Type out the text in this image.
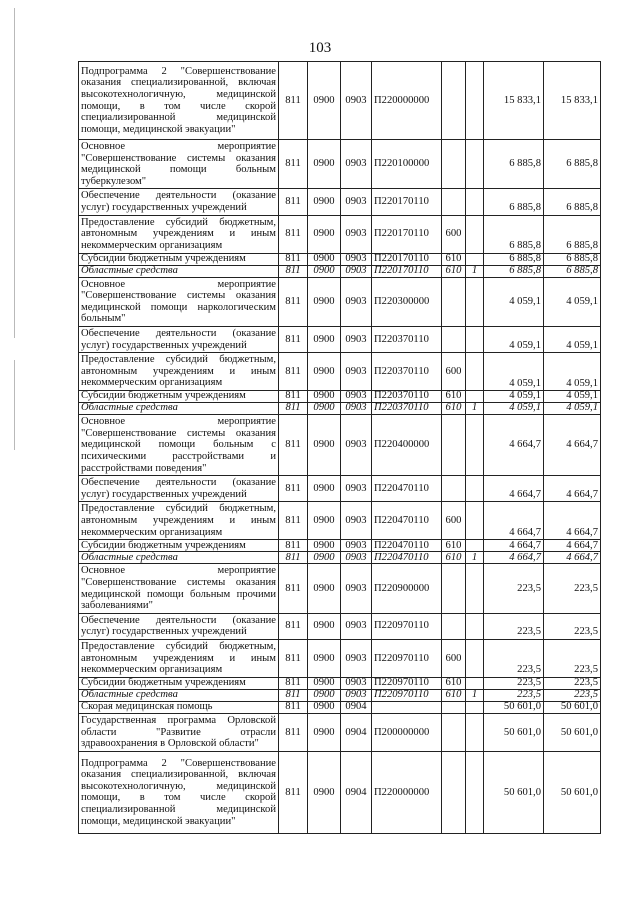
103
Подпрограмма 2 "Совершенствование оказания специализированной, включая высокотехнологичную, медицинской помощи, в том числе скорой специализированной медицинской помощи, медицинской эвакуации"	811	0900	0903	П220000000			15 833,1	15 833,1
Основное мероприятие "Совершенствование системы оказания медицинской помощи больным туберкулезом"	811	0900	0903	П220100000			6 885,8	6 885,8
Обеспечение деятельности (оказание услуг) государственных учреждений	811	0900	0903	П220170110			6 885,8	6 885,8
Предоставление субсидий бюджетным, автономным учреждениям и иным некоммерческим организациям	811	0900	0903	П220170110	600		6 885,8	6 885,8
Субсидии бюджетным учреждениям	811	0900	0903	П220170110	610		6 885,8	6 885,8
Областные средства	811	0900	0903	П220170110	610	1	6 885,8	6 885,8
Основное мероприятие "Совершенствование системы оказания медицинской помощи наркологическим больным"	811	0900	0903	П220300000			4 059,1	4 059,1
Обеспечение деятельности (оказание услуг) государственных учреждений	811	0900	0903	П220370110			4 059,1	4 059,1
Предоставление субсидий бюджетным, автономным учреждениям и иным некоммерческим организациям	811	0900	0903	П220370110	600		4 059,1	4 059,1
Субсидии бюджетным учреждениям	811	0900	0903	П220370110	610		4 059,1	4 059,1
Областные средства	811	0900	0903	П220370110	610	1	4 059,1	4 059,1
Основное мероприятие "Совершенствование системы оказания медицинской помощи больным с психическими расстройствами и расстройствами поведения"	811	0900	0903	П220400000			4 664,7	4 664,7
Обеспечение деятельности (оказание услуг) государственных учреждений	811	0900	0903	П220470110			4 664,7	4 664,7
Предоставление субсидий бюджетным, автономным учреждениям и иным некоммерческим организациям	811	0900	0903	П220470110	600		4 664,7	4 664,7
Субсидии бюджетным учреждениям	811	0900	0903	П220470110	610		4 664,7	4 664,7
Областные средства	811	0900	0903	П220470110	610	1	4 664,7	4 664,7
Основное мероприятие "Совершенствование системы оказания медицинской помощи больным прочими заболеваниями"	811	0900	0903	П220900000			223,5	223,5
Обеспечение деятельности (оказание услуг) государственных учреждений	811	0900	0903	П220970110			223,5	223,5
Предоставление субсидий бюджетным, автономным учреждениям и иным некоммерческим организациям	811	0900	0903	П220970110	600		223,5	223,5
Субсидии бюджетным учреждениям	811	0900	0903	П220970110	610		223,5	223,5
Областные средства	811	0900	0903	П220970110	610	1	223,5	223,5
Скорая медицинская помощь	811	0900	0904				50 601,0	50 601,0
Государственная программа Орловской области "Развитие отрасли здравоохранения в Орловской области"	811	0900	0904	П200000000			50 601,0	50 601,0
Подпрограмма 2 "Совершенствование оказания специализированной, включая высокотехнологичную, медицинской помощи, в том числе скорой специализированной медицинской помощи, медицинской эвакуации"	811	0900	0904	П220000000			50 601,0	50 601,0
